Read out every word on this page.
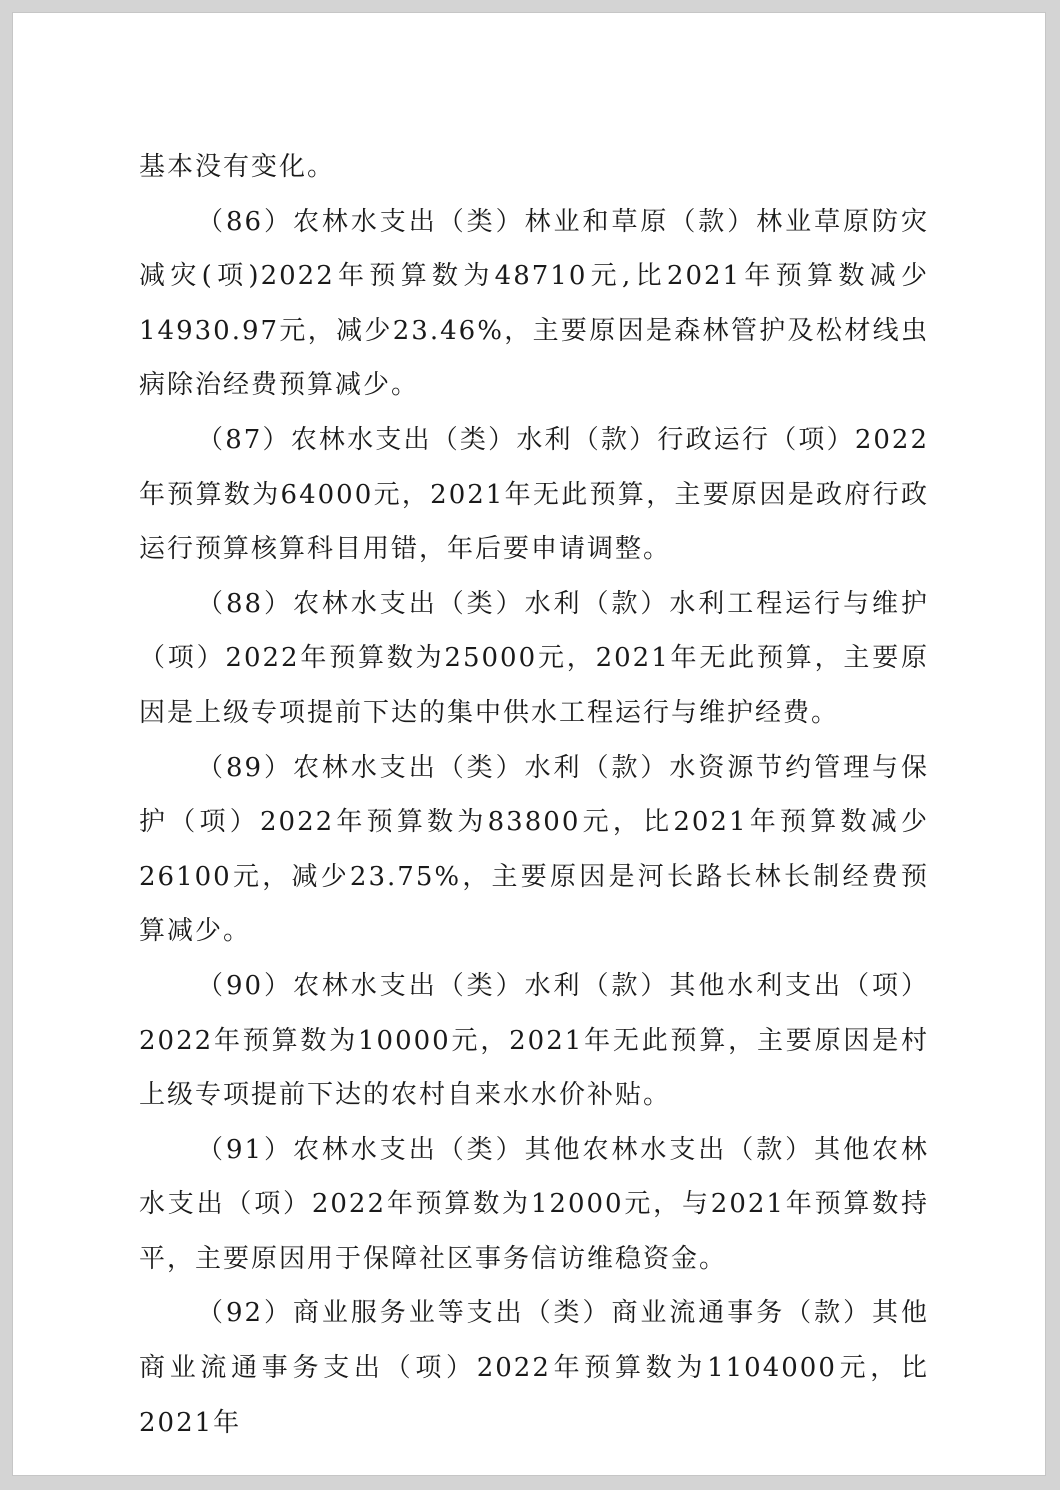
基本没有变化。

（86）农林水支出（类）林业和草原（款）林业草原防灾减灾(项)2022年预算数为48710元,比2021年预算数减少14930.97元，减少23.46%，主要原因是森林管护及松材线虫病除治经费预算减少。

（87）农林水支出（类）水利（款）行政运行（项）2022年预算数为64000元，2021年无此预算，主要原因是政府行政运行预算核算科目用错，年后要申请调整。

（88）农林水支出（类）水利（款）水利工程运行与维护（项）2022年预算数为25000元，2021年无此预算，主要原因是上级专项提前下达的集中供水工程运行与维护经费。

（89）农林水支出（类）水利（款）水资源节约管理与保护（项）2022年预算数为83800元，比2021年预算数减少26100元，减少23.75%，主要原因是河长路长林长制经费预算减少。

（90）农林水支出（类）水利（款）其他水利支出（项）2022年预算数为10000元，2021年无此预算，主要原因是村上级专项提前下达的农村自来水水价补贴。

（91）农林水支出（类）其他农林水支出（款）其他农林水支出（项）2022年预算数为12000元，与2021年预算数持平，主要原因用于保障社区事务信访维稳资金。

（92）商业服务业等支出（类）商业流通事务（款）其他商业流通事务支出（项）2022年预算数为1104000元，比2021年
